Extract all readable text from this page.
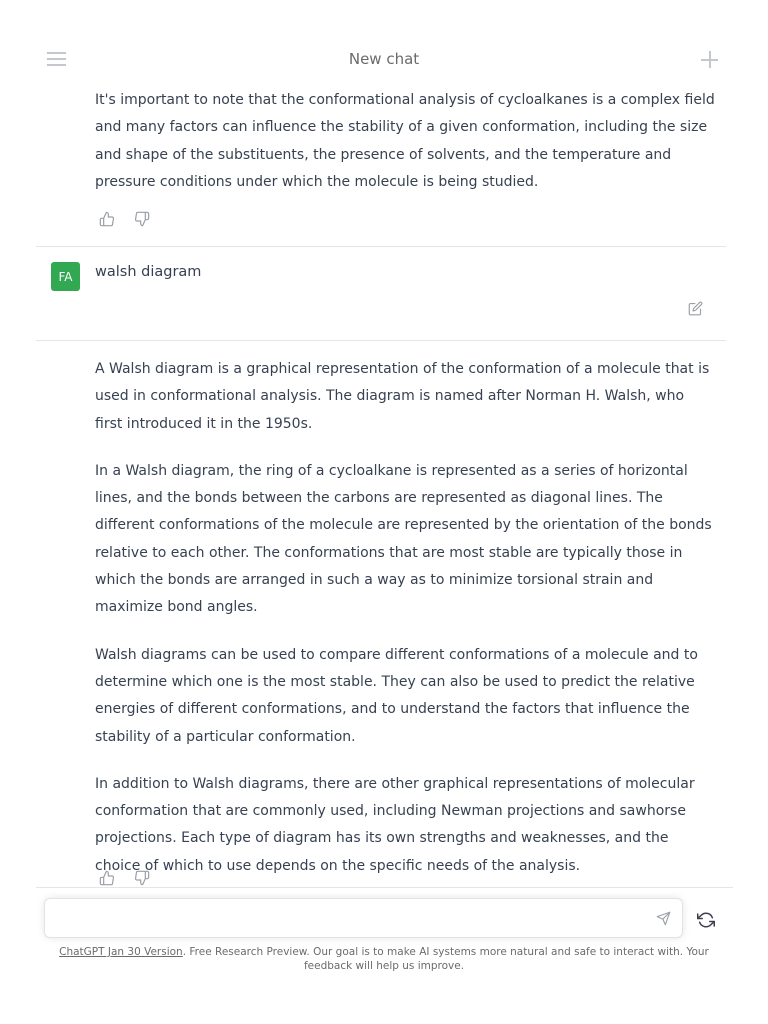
New chat

It's important to note that the conformational analysis of cycloalkanes is a complex field and many factors can influence the stability of a given conformation, including the size and shape of the substituents, the presence of solvents, and the temperature and pressure conditions under which the molecule is being studied.

FA	walsh diagram

A Walsh diagram is a graphical representation of the conformation of a molecule that is used in conformational analysis. The diagram is named after Norman H. Walsh, who first introduced it in the 1950s.

In a Walsh diagram, the ring of a cycloalkane is represented as a series of horizontal lines, and the bonds between the carbons are represented as diagonal lines. The different conformations of the molecule are represented by the orientation of the bonds relative to each other. The conformations that are most stable are typically those in which the bonds are arranged in such a way as to minimize torsional strain and maximize bond angles.

Walsh diagrams can be used to compare different conformations of a molecule and to determine which one is the most stable. They can also be used to predict the relative energies of different conformations, and to understand the factors that influence the stability of a particular conformation.

In addition to Walsh diagrams, there are other graphical representations of molecular conformation that are commonly used, including Newman projections and sawhorse projections. Each type of diagram has its own strengths and weaknesses, and the choice of which to use depends on the specific needs of the analysis.

ChatGPT Jan 30 Version. Free Research Preview. Our goal is to make AI systems more natural and safe to interact with. Your feedback will help us improve.
